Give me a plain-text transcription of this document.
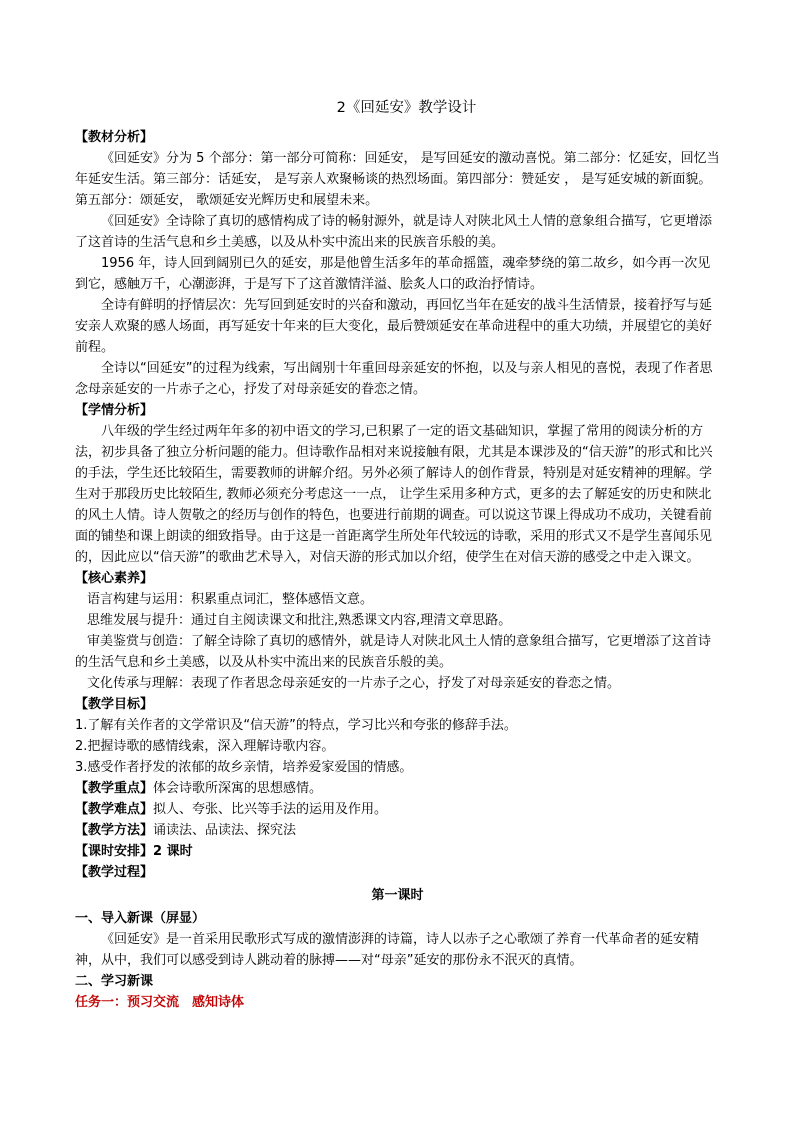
2《回延安》教学设计

【教材分析】

《回延安》分为 5 个部分：第一部分可简称：回延安， 是写回延安的激动喜悦。第二部分：忆延安，回忆当年延安生活。第三部分：话延安， 是写亲人欢聚畅谈的热烈场面。第四部分：赞延安 ， 是写延安城的新面貌。第五部分：颂延安， 歌颂延安光辉历史和展望未来。

《回延安》全诗除了真切的感情构成了诗的畅射源外，就是诗人对陕北风土人情的意象组合描写，它更增添了这首诗的生活气息和乡土美感，以及从朴实中流出来的民族音乐般的美。

1956 年，诗人回到阔别已久的延安，那是他曾生活多年的革命摇篮，魂牵梦绕的第二故乡，如今再一次见到它，感触万千，心潮澎湃，于是写下了这首激情洋溢、脍炙人口的政治抒情诗。

全诗有鲜明的抒情层次：先写回到延安时的兴奋和激动，再回忆当年在延安的战斗生活情景，接着抒写与延安亲人欢聚的感人场面，再写延安十年来的巨大变化，最后赞颂延安在革命进程中的重大功绩，并展望它的美好前程。

全诗以“回延安”的过程为线索，写出阔别十年重回母亲延安的怀抱，以及与亲人相见的喜悦，表现了作者思念母亲延安的一片赤子之心，抒发了对母亲延安的眷恋之情。

【学情分析】

八年级的学生经过两年年多的初中语文的学习,已积累了一定的语文基础知识，掌握了常用的阅读分析的方法，初步具备了独立分析问题的能力。但诗歌作品相对来说接触有限，尤其是本课涉及的“信天游”的形式和比兴的手法，学生还比较陌生，需要教师的讲解介绍。另外必须了解诗人的创作背景，特别是对延安精神的理解。学生对于那段历史比较陌生, 教师必须充分考虑这一一点， 让学生采用多种方式，更多的去了解延安的历史和陕北的风土人情。诗人贺敬之的经历与创作的特色，也要进行前期的调查。可以说这节课上得成功不成功，关键看前面的铺垫和课上朗读的细致指导。由于这是一首距离学生所处年代较远的诗歌，采用的形式又不是学生喜闻乐见的，因此应以“信天游”的歌曲艺术导入，对信天游的形式加以介绍，使学生在对信天游的感受之中走入课文。

【核心素养】

语言构建与运用：积累重点词汇，整体感悟文意。

思维发展与提升：通过自主阅读课文和批注,熟悉课文内容,理清文章思路。

审美鉴赏与创造：了解全诗除了真切的感情外，就是诗人对陕北风土人情的意象组合描写，它更增添了这首诗的生活气息和乡土美感，以及从朴实中流出来的民族音乐般的美。

文化传承与理解：表现了作者思念母亲延安的一片赤子之心，抒发了对母亲延安的眷恋之情。

【教学目标】

1.了解有关作者的文学常识及“信天游”的特点，学习比兴和夸张的修辞手法。

2.把握诗歌的感情线索，深入理解诗歌内容。

3.感受作者抒发的浓郁的故乡亲情，培养爱家爱国的情感。

【教学重点】体会诗歌所深寓的思想感情。

【教学难点】拟人、夸张、比兴等手法的运用及作用。

【教学方法】诵读法、品读法、探究法

【课时安排】2 课时

【教学过程】

第一课时

一、导入新课（屏显）

《回延安》是一首采用民歌形式写成的激情澎湃的诗篇，诗人以赤子之心歌颂了养育一代革命者的延安精神，从中，我们可以感受到诗人跳动着的脉搏——对“母亲”延安的那份永不泯灭的真情。

二、学习新课

任务一：预习交流　感知诗体
